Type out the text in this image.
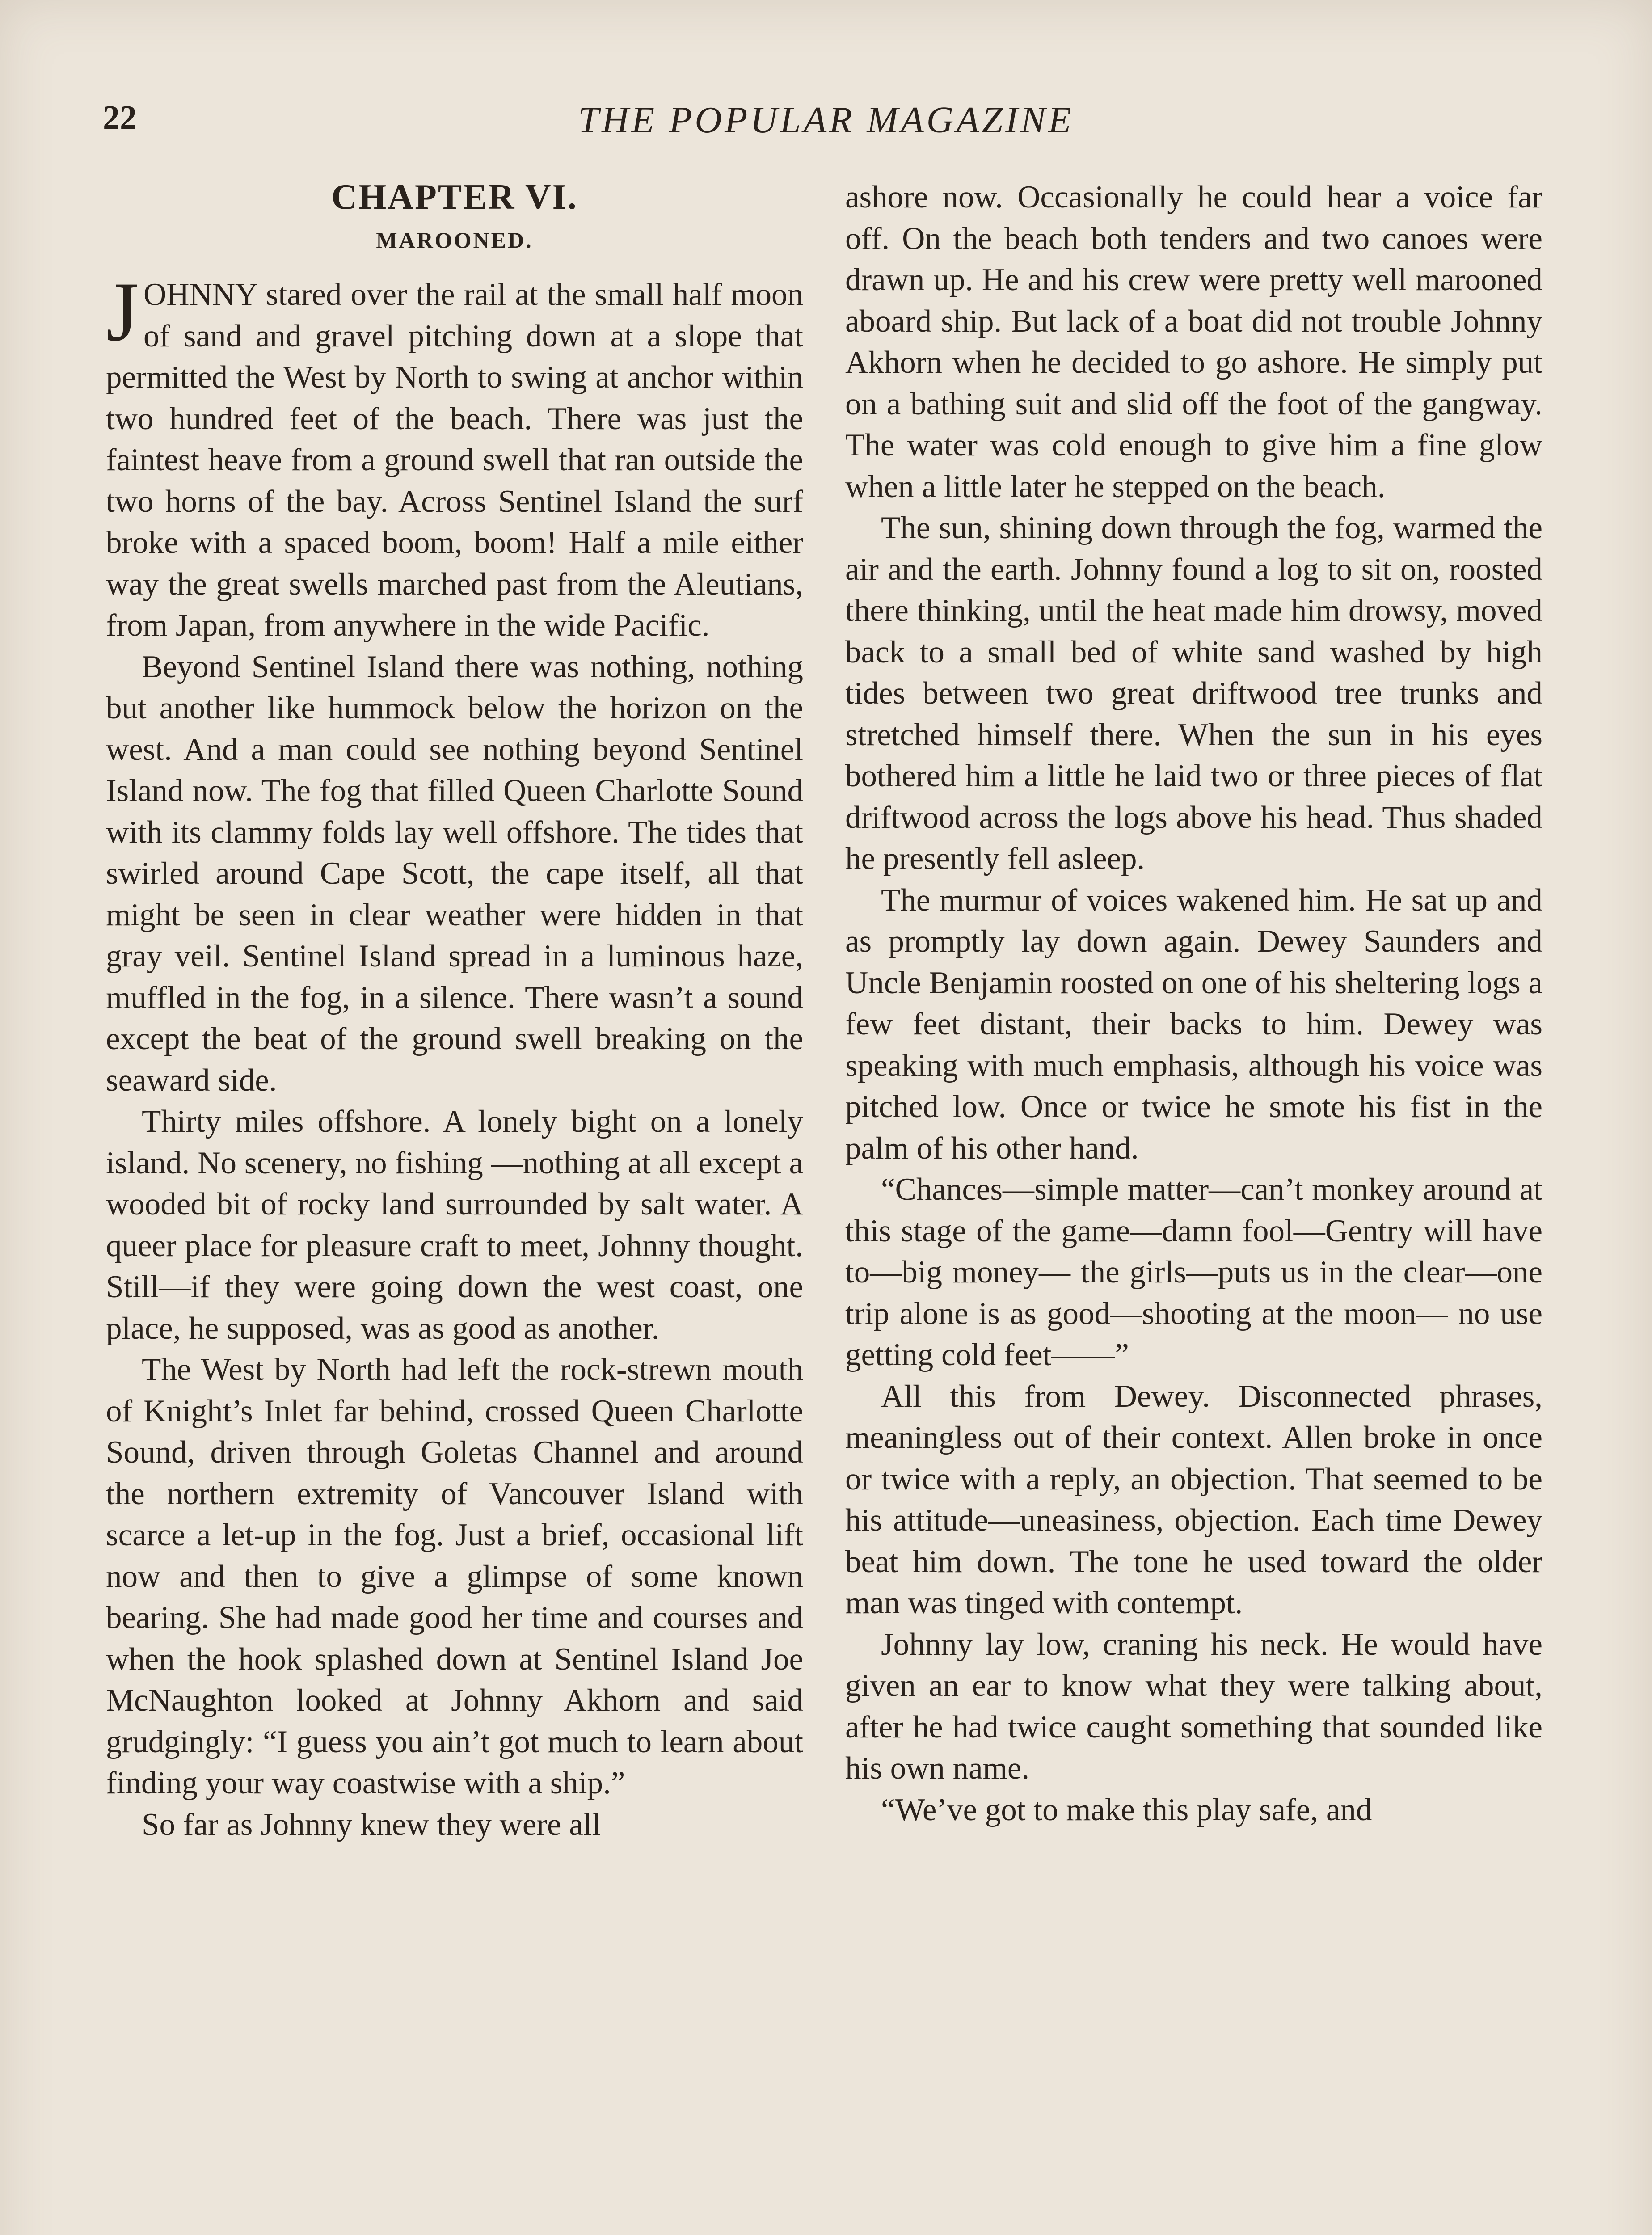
22	THE POPULAR MAGAZINE
CHAPTER VI.
MAROONED.

JOHNNY stared over the rail at the small half moon of sand and gravel pitching down at a slope that permitted the West by North to swing at anchor within two hundred feet of the beach. There was just the faintest heave from a ground swell that ran outside the two horns of the bay. Across Sentinel Island the surf broke with a spaced boom, boom! Half a mile either way the great swells marched past from the Aleutians, from Japan, from anywhere in the wide Pacific.

Beyond Sentinel Island there was nothing, nothing but another like hummock below the horizon on the west. And a man could see nothing beyond Sentinel Island now. The fog that filled Queen Charlotte Sound with its clammy folds lay well offshore. The tides that swirled around Cape Scott, the cape itself, all that might be seen in clear weather were hidden in that gray veil. Sentinel Island spread in a luminous haze, muffled in the fog, in a silence. There wasn’t a sound except the beat of the ground swell breaking on the seaward side.

Thirty miles offshore. A lonely bight on a lonely island. No scenery, no fishing —nothing at all except a wooded bit of rocky land surrounded by salt water. A queer place for pleasure craft to meet, Johnny thought. Still—if they were going down the west coast, one place, he supposed, was as good as another.

The West by North had left the rock-strewn mouth of Knight’s Inlet far behind, crossed Queen Charlotte Sound, driven through Goletas Channel and around the northern extremity of Vancouver Island with scarce a let-up in the fog. Just a brief, occasional lift now and then to give a glimpse of some known bearing. She had made good her time and courses and when the hook splashed down at Sentinel Island Joe McNaughton looked at Johnny Akhorn and said grudgingly: “I guess you ain’t got much to learn about finding your way coastwise with a ship.”

So far as Johnny knew they were all

ashore now. Occasionally he could hear a voice far off. On the beach both tenders and two canoes were drawn up. He and his crew were pretty well marooned aboard ship. But lack of a boat did not trouble Johnny Akhorn when he decided to go ashore. He simply put on a bathing suit and slid off the foot of the gangway. The water was cold enough to give him a fine glow when a little later he stepped on the beach.

The sun, shining down through the fog, warmed the air and the earth. Johnny found a log to sit on, roosted there thinking, until the heat made him drowsy, moved back to a small bed of white sand washed by high tides between two great driftwood tree trunks and stretched himself there. When the sun in his eyes bothered him a little he laid two or three pieces of flat driftwood across the logs above his head. Thus shaded he presently fell asleep.

The murmur of voices wakened him. He sat up and as promptly lay down again. Dewey Saunders and Uncle Benjamin roosted on one of his sheltering logs a few feet distant, their backs to him. Dewey was speaking with much emphasis, although his voice was pitched low. Once or twice he smote his fist in the palm of his other hand.

“Chances—simple matter—can’t monkey around at this stage of the game—damn fool—Gentry will have to—big money— the girls—puts us in the clear—one trip alone is as good—shooting at the moon— no use getting cold feet——”

All this from Dewey. Disconnected phrases, meaningless out of their context. Allen broke in once or twice with a reply, an objection. That seemed to be his attitude—uneasiness, objection. Each time Dewey beat him down. The tone he used toward the older man was tinged with contempt.

Johnny lay low, craning his neck. He would have given an ear to know what they were talking about, after he had twice caught something that sounded like his own name.

“We’ve got to make this play safe, and
